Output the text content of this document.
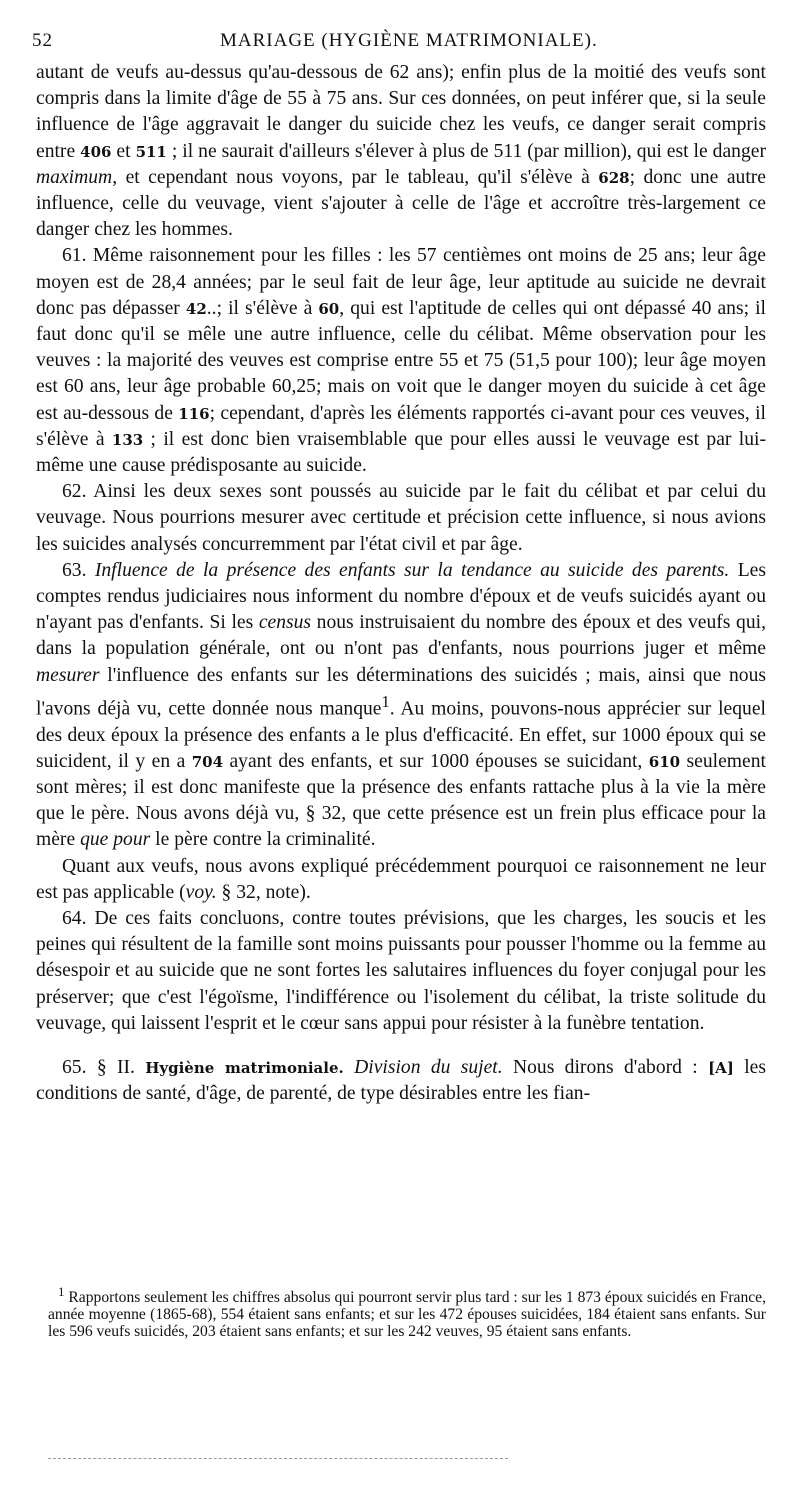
52	MARIAGE (HYGIÈNE MATRIMONIALE).

autant de veufs au-dessus qu'au-dessous de 62 ans); enfin plus de la moitié des veufs sont compris dans la limite d'âge de 55 à 75 ans. Sur ces données, on peut inférer que, si la seule influence de l'âge aggravait le danger du suicide chez les veufs, ce danger serait compris entre 406 et 511 ; il ne saurait d'ailleurs s'élever à plus de 511 (par million), qui est le danger maximum, et cependant nous voyons, par le tableau, qu'il s'élève à 628; donc une autre influence, celle du veuvage, vient s'ajouter à celle de l'âge et accroître très-largement ce danger chez les hommes.

61. Même raisonnement pour les filles : les 57 centièmes ont moins de 25 ans; leur âge moyen est de 28,4 années; par le seul fait de leur âge, leur aptitude au suicide ne devrait donc pas dépasser 42..; il s'élève à 60, qui est l'aptitude de celles qui ont dépassé 40 ans; il faut donc qu'il se mêle une autre influence, celle du célibat. Même observation pour les veuves : la majorité des veuves est comprise entre 55 et 75 (51,5 pour 100); leur âge moyen est 60 ans, leur âge probable 60,25; mais on voit que le danger moyen du suicide à cet âge est au-dessous de 116; cependant, d'après les éléments rapportés ci-avant pour ces veuves, il s'élève à 133 ; il est donc bien vraisemblable que pour elles aussi le veuvage est par lui-même une cause prédisposante au suicide.

62. Ainsi les deux sexes sont poussés au suicide par le fait du célibat et par celui du veuvage. Nous pourrions mesurer avec certitude et précision cette influence, si nous avions les suicides analysés concurremment par l'état civil et par âge.

63. Influence de la présence des enfants sur la tendance au suicide des parents. Les comptes rendus judiciaires nous informent du nombre d'époux et de veufs suicidés ayant ou n'ayant pas d'enfants. Si les census nous instruisaient du nombre des époux et des veufs qui, dans la population générale, ont ou n'ont pas d'enfants, nous pourrions juger et même mesurer l'influence des enfants sur les déterminations des suicidés ; mais, ainsi que nous l'avons déjà vu, cette donnée nous manque$^1$. Au moins, pouvons-nous apprécier sur lequel des deux époux la présence des enfants a le plus d'efficacité. En effet, sur 1000 époux qui se suicident, il y en a 704 ayant des enfants, et sur 1000 épouses se suicidant, 610 seulement sont mères; il est donc manifeste que la présence des enfants rattache plus à la vie la mère que le père. Nous avons déjà vu, § 32, que cette présence est un frein plus efficace pour la mère que pour le père contre la criminalité.

Quant aux veufs, nous avons expliqué précédemment pourquoi ce raisonnement ne leur est pas applicable (voy. § 32, note).

64. De ces faits concluons, contre toutes prévisions, que les charges, les soucis et les peines qui résultent de la famille sont moins puissants pour pousser l'homme ou la femme au désespoir et au suicide que ne sont fortes les salutaires influences du foyer conjugal pour les préserver; que c'est l'égoïsme, l'indifférence ou l'isolement du célibat, la triste solitude du veuvage, qui laissent l'esprit et le cœur sans appui pour résister à la funèbre tentation.

65. § II. Hygiène matrimoniale. Division du sujet. Nous dirons d'abord : [A] les conditions de santé, d'âge, de parenté, de type désirables entre les fian-

$^1$ Rapportons seulement les chiffres absolus qui pourront servir plus tard : sur les 1 873 époux suicidés en France, année moyenne (1865-68), 554 étaient sans enfants; et sur les 472 épouses suicidées, 184 étaient sans enfants. Sur les 596 veufs suicidés, 203 étaient sans enfants; et sur les 242 veuves, 95 étaient sans enfants.
